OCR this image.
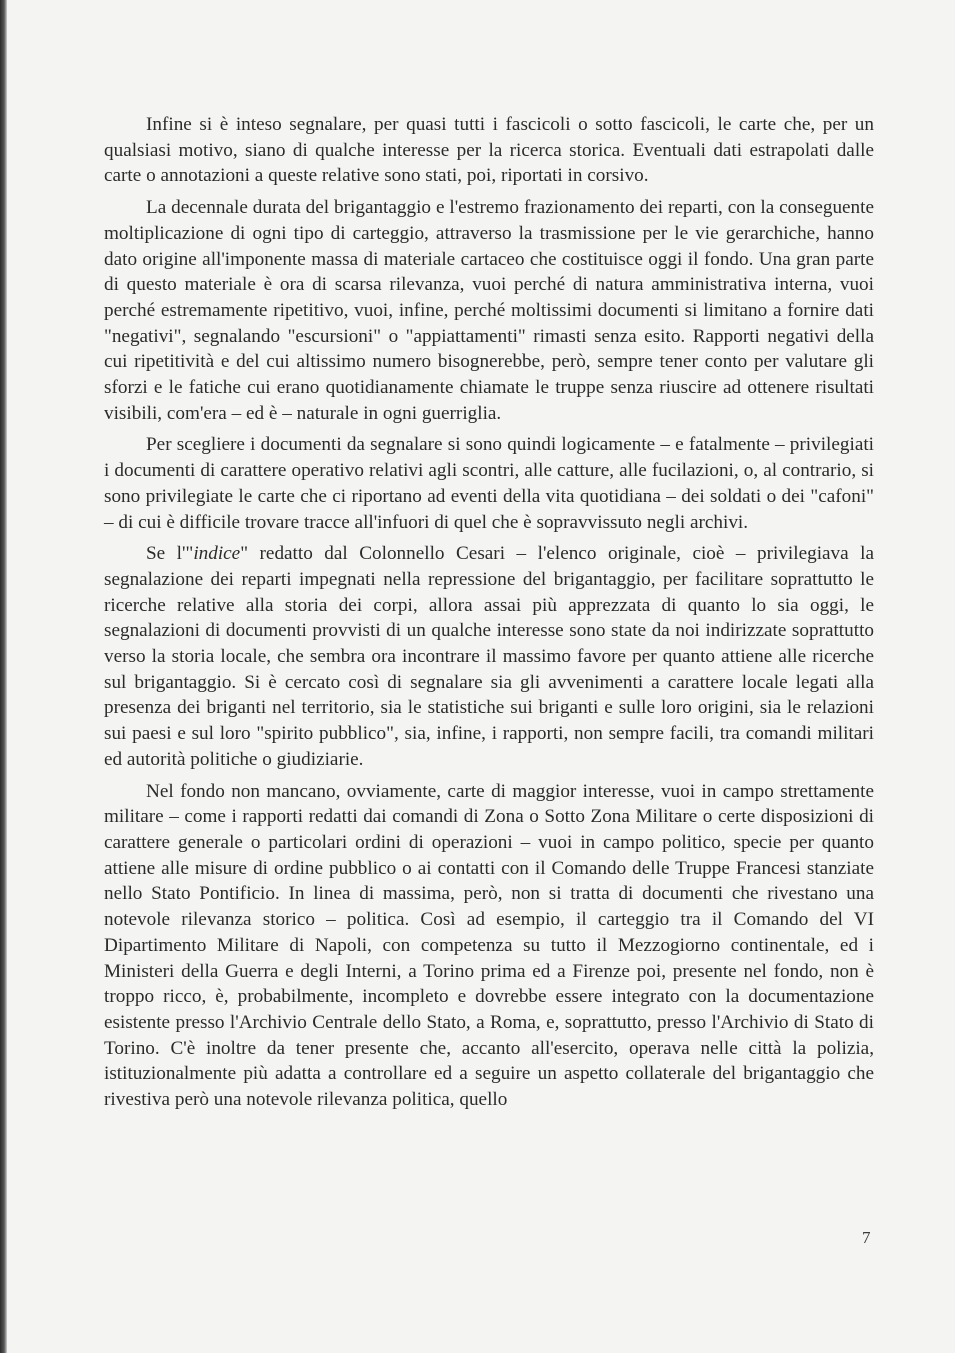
Infine si è inteso segnalare, per quasi tutti i fascicoli o sotto fascicoli, le carte che, per un qualsiasi motivo, siano di qualche interesse per la ricerca storica. Eventuali dati estrapolati dalle carte o annotazioni a queste relative sono stati, poi, riportati in corsivo.

La decennale durata del brigantaggio e l'estremo frazionamento dei reparti, con la conseguente moltiplicazione di ogni tipo di carteggio, attraverso la trasmissione per le vie gerarchiche, hanno dato origine all'imponente massa di materiale cartaceo che costituisce oggi il fondo. Una gran parte di questo materiale è ora di scarsa rilevanza, vuoi perché di natura amministrativa interna, vuoi perché estremamente ripetitivo, vuoi, infine, perché moltissimi documenti si limitano a fornire dati "negativi", segnalando "escursioni" o "appiattamenti" rimasti senza esito. Rapporti negativi della cui ripetitività e del cui altissimo numero bisognerebbe, però, sempre tener conto per valutare gli sforzi e le fatiche cui erano quotidianamente chiamate le truppe senza riuscire ad ottenere risultati visibili, com'era – ed è – naturale in ogni guerriglia.

Per scegliere i documenti da segnalare si sono quindi logicamente – e fatalmente – privilegiati i documenti di carattere operativo relativi agli scontri, alle catture, alle fucilazioni, o, al contrario, si sono privilegiate le carte che ci riportano ad eventi della vita quotidiana – dei soldati o dei "cafoni" – di cui è difficile trovare tracce all'infuori di quel che è sopravvissuto negli archivi.

Se l'"indice" redatto dal Colonnello Cesari – l'elenco originale, cioè – privilegiava la segnalazione dei reparti impegnati nella repressione del brigantaggio, per facilitare soprattutto le ricerche relative alla storia dei corpi, allora assai più apprezzata di quanto lo sia oggi, le segnalazioni di documenti provvisti di un qualche interesse sono state da noi indirizzate soprattutto verso la storia locale, che sembra ora incontrare il massimo favore per quanto attiene alle ricerche sul brigantaggio. Si è cercato così di segnalare sia gli avvenimenti a carattere locale legati alla presenza dei briganti nel territorio, sia le statistiche sui briganti e sulle loro origini, sia le relazioni sui paesi e sul loro "spirito pubblico", sia, infine, i rapporti, non sempre facili, tra comandi militari ed autorità politiche o giudiziarie.

Nel fondo non mancano, ovviamente, carte di maggior interesse, vuoi in campo strettamente militare – come i rapporti redatti dai comandi di Zona o Sotto Zona Militare o certe disposizioni di carattere generale o particolari ordini di operazioni – vuoi in campo politico, specie per quanto attiene alle misure di ordine pubblico o ai contatti con il Comando delle Truppe Francesi stanziate nello Stato Pontificio. In linea di massima, però, non si tratta di documenti che rivestano una notevole rilevanza storico – politica. Così ad esempio, il carteggio tra il Comando del VI Dipartimento Militare di Napoli, con competenza su tutto il Mezzogiorno continentale, ed i Ministeri della Guerra e degli Interni, a Torino prima ed a Firenze poi, presente nel fondo, non è troppo ricco, è, probabilmente, incompleto e dovrebbe essere integrato con la documentazione esistente presso l'Archivio Centrale dello Stato, a Roma, e, soprattutto, presso l'Archivio di Stato di Torino. C'è inoltre da tener presente che, accanto all'esercito, operava nelle città la polizia, istituzionalmente più adatta a controllare ed a seguire un aspetto collaterale del brigantaggio che rivestiva però una notevole rilevanza politica, quello

7
